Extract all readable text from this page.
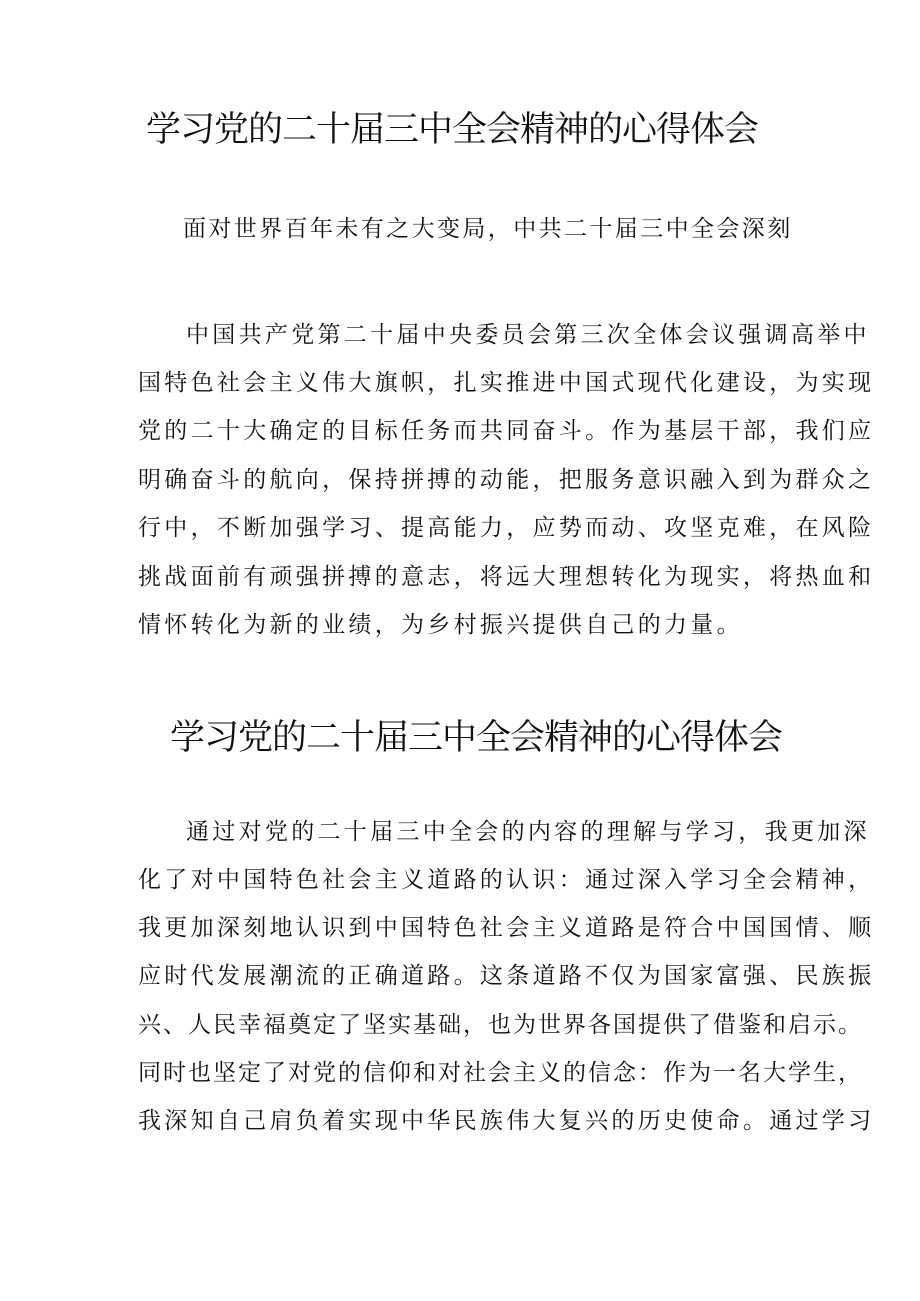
学习党的二十届三中全会精神的心得体会
面对世界百年未有之大变局，中共二十届三中全会深刻
中国共产党第二十届中央委员会第三次全体会议强调高举中
国特色社会主义伟大旗帜，扎实推进中国式现代化建设，为实现
党的二十大确定的目标任务而共同奋斗。作为基层干部，我们应
明确奋斗的航向，保持拼搏的动能，把服务意识融入到为群众之
行中，不断加强学习、提高能力，应势而动、攻坚克难，在风险
挑战面前有顽强拼搏的意志，将远大理想转化为现实，将热血和
情怀转化为新的业绩，为乡村振兴提供自己的力量。
学习党的二十届三中全会精神的心得体会
通过对党的二十届三中全会的内容的理解与学习，我更加深
化了对中国特色社会主义道路的认识：通过深入学习全会精神，
我更加深刻地认识到中国特色社会主义道路是符合中国国情、顺
应时代发展潮流的正确道路。这条道路不仅为国家富强、民族振
兴、人民幸福奠定了坚实基础，也为世界各国提供了借鉴和启示。
同时也坚定了对党的信仰和对社会主义的信念：作为一名大学生，
我深知自己肩负着实现中华民族伟大复兴的历史使命。通过学习
